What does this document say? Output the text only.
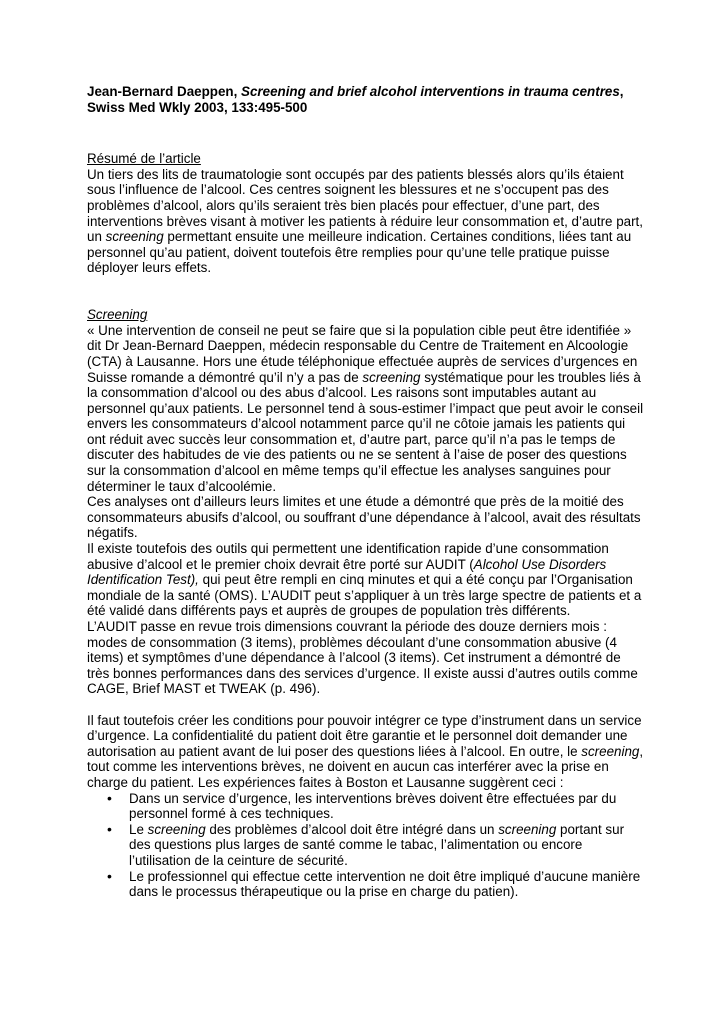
Jean-Bernard Daeppen, Screening and brief alcohol interventions in trauma centres,
Swiss Med Wkly 2003, 133:495-500
Résumé de l’article

Un tiers des lits de traumatologie sont occupés par des patients blessés alors qu’ils étaient sous l’influence de l’alcool. Ces centres soignent les blessures et ne s’occupent pas des problèmes d’alcool, alors qu’ils seraient très bien placés pour effectuer, d’une part, des interventions brèves visant à motiver les patients à réduire leur consommation et, d’autre part, un screening permettant ensuite une meilleure indication. Certaines conditions, liées tant au personnel qu’au patient, doivent toutefois être remplies pour qu’une telle pratique puisse déployer leurs effets.

Screening

« Une intervention de conseil ne peut se faire que si la population cible peut être identifiée » dit Dr Jean-Bernard Daeppen, médecin responsable du Centre de Traitement en Alcoologie (CTA) à Lausanne. Hors une étude téléphonique effectuée auprès de services d’urgences en Suisse romande a démontré qu’il n’y a pas de screening systématique pour les troubles liés à la consommation d’alcool ou des abus d’alcool. Les raisons sont imputables autant au personnel qu’aux patients. Le personnel tend à sous-estimer l’impact que peut avoir le conseil envers les consommateurs d’alcool notamment parce qu’il ne côtoie jamais les patients qui ont réduit avec succès leur consommation et, d’autre part, parce qu’il n’a pas le temps de discuter des habitudes de vie des patients ou ne se sentent à l’aise de poser des questions sur la consommation d’alcool en même temps qu’il effectue les analyses sanguines pour déterminer le taux d’alcoolémie.

Ces analyses ont d’ailleurs leurs limites et une étude a démontré que près de la moitié des consommateurs abusifs d’alcool, ou souffrant d’une dépendance à l’alcool, avait des résultats négatifs.

Il existe toutefois des outils qui permettent une identification rapide d’une consommation abusive d’alcool et le premier choix devrait être porté sur AUDIT (Alcohol Use Disorders Identification Test), qui peut être rempli en cinq minutes et qui a été conçu par l’Organisation mondiale de la santé (OMS). L’AUDIT peut s’appliquer à un très large spectre de patients et a été validé dans différents pays et auprès de groupes de population très différents.

L’AUDIT passe en revue trois dimensions couvrant la période des douze derniers mois : modes de consommation (3 items), problèmes découlant d’une consommation abusive (4 items) et symptômes d’une dépendance à l’alcool (3 items). Cet instrument a démontré de très bonnes performances dans des services d’urgence. Il existe aussi d’autres outils comme CAGE, Brief MAST et TWEAK (p. 496).

Il faut toutefois créer les conditions pour pouvoir intégrer ce type d’instrument dans un service d’urgence. La confidentialité du patient doit être garantie et le personnel doit demander une autorisation au patient avant de lui poser des questions liées à l’alcool. En outre, le screening, tout comme les interventions brèves, ne doivent en aucun cas interférer avec la prise en charge du patient. Les expériences faites à Boston et Lausanne suggèrent ceci :

• Dans un service d’urgence, les interventions brèves doivent être effectuées par du personnel formé à ces techniques.
• Le screening des problèmes d’alcool doit être intégré dans un screening portant sur des questions plus larges de santé comme le tabac, l’alimentation ou encore l’utilisation de la ceinture de sécurité.
• Le professionnel qui effectue cette intervention ne doit être impliqué d’aucune manière dans le processus thérapeutique ou la prise en charge du patien).
